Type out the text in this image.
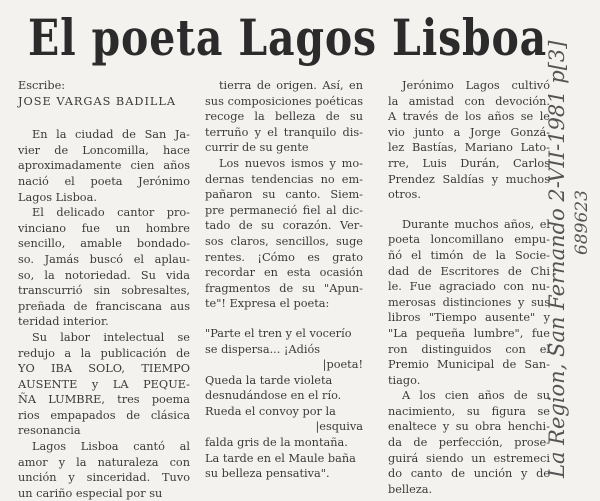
El poeta Lagos Lisboa
Escribe:
JOSE VARGAS BADILLA
En la ciudad de San Ja-
vier de Loncomilla, hace
aproximadamente cien años
nació el poeta Jerónimo
Lagos Lisboa.
El delicado cantor pro-
vinciano fue un hombre
sencillo, amable bondado-
so. Jamás buscó el aplau-
so, la notoriedad. Su vida
transcurrió sin sobresaltes,
preñada de franciscana aus
teridad interior.
Su labor intelectual se
redujo a la publicación de
YO IBA SOLO, TIEMPO
AUSENTE y LA PEQUE-
ÑA LUMBRE, tres poema
rios empapados de clásica
resonancia
Lagos Lisboa cantó al
amor y la naturaleza con
unción y sinceridad. Tuvo
un cariño especial por su
tierra de origen. Así, en
sus composiciones poéticas
recoge la belleza de su
terruño y el tranquilo dis-
currir de su gente
Los nuevos ismos y mo-
dernas tendencias no em-
pañaron su canto. Siem-
pre permaneció fiel al dic-
tado de su corazón. Ver-
sos claros, sencillos, suge
rentes. ¡Cómo es grato
recordar en esta ocasión
fragmentos de su "Apun-
te"! Expresa el poeta:
"Parte el tren y el vocerío
se dispersa... ¡Adiós
|poeta!
Queda la tarde violeta
desnudándose en el río.
Rueda el convoy por la
|esquiva
falda gris de la montaña.
La tarde en el Maule baña
su belleza pensativa".
Jerónimo Lagos cultivó
la amistad con devoción.
A través de los años se le
vio junto a Jorge Gonzá-
lez Bastías, Mariano Lato-
rre, Luis Durán, Carlos
Prendez Saldías y muchos
otros.
Durante muchos años, el
poeta loncomillano empu-
ñó el timón de la Socie-
dad de Escritores de Chi
le. Fue agraciado con nu-
merosas distinciones y sus
libros "Tiempo ausente" y
"La pequeña lumbre", fue
ron distinguidos con el
Premio Municipal de San-
tiago.
A los cien años de su
nacimiento, su figura se
enaltece y su obra henchi-
da de perfección, prose-
guirá siendo un estremeci
do canto de unción y de
belleza.
La Region, San Fernando 2-VII-1981 p[3] 689623
